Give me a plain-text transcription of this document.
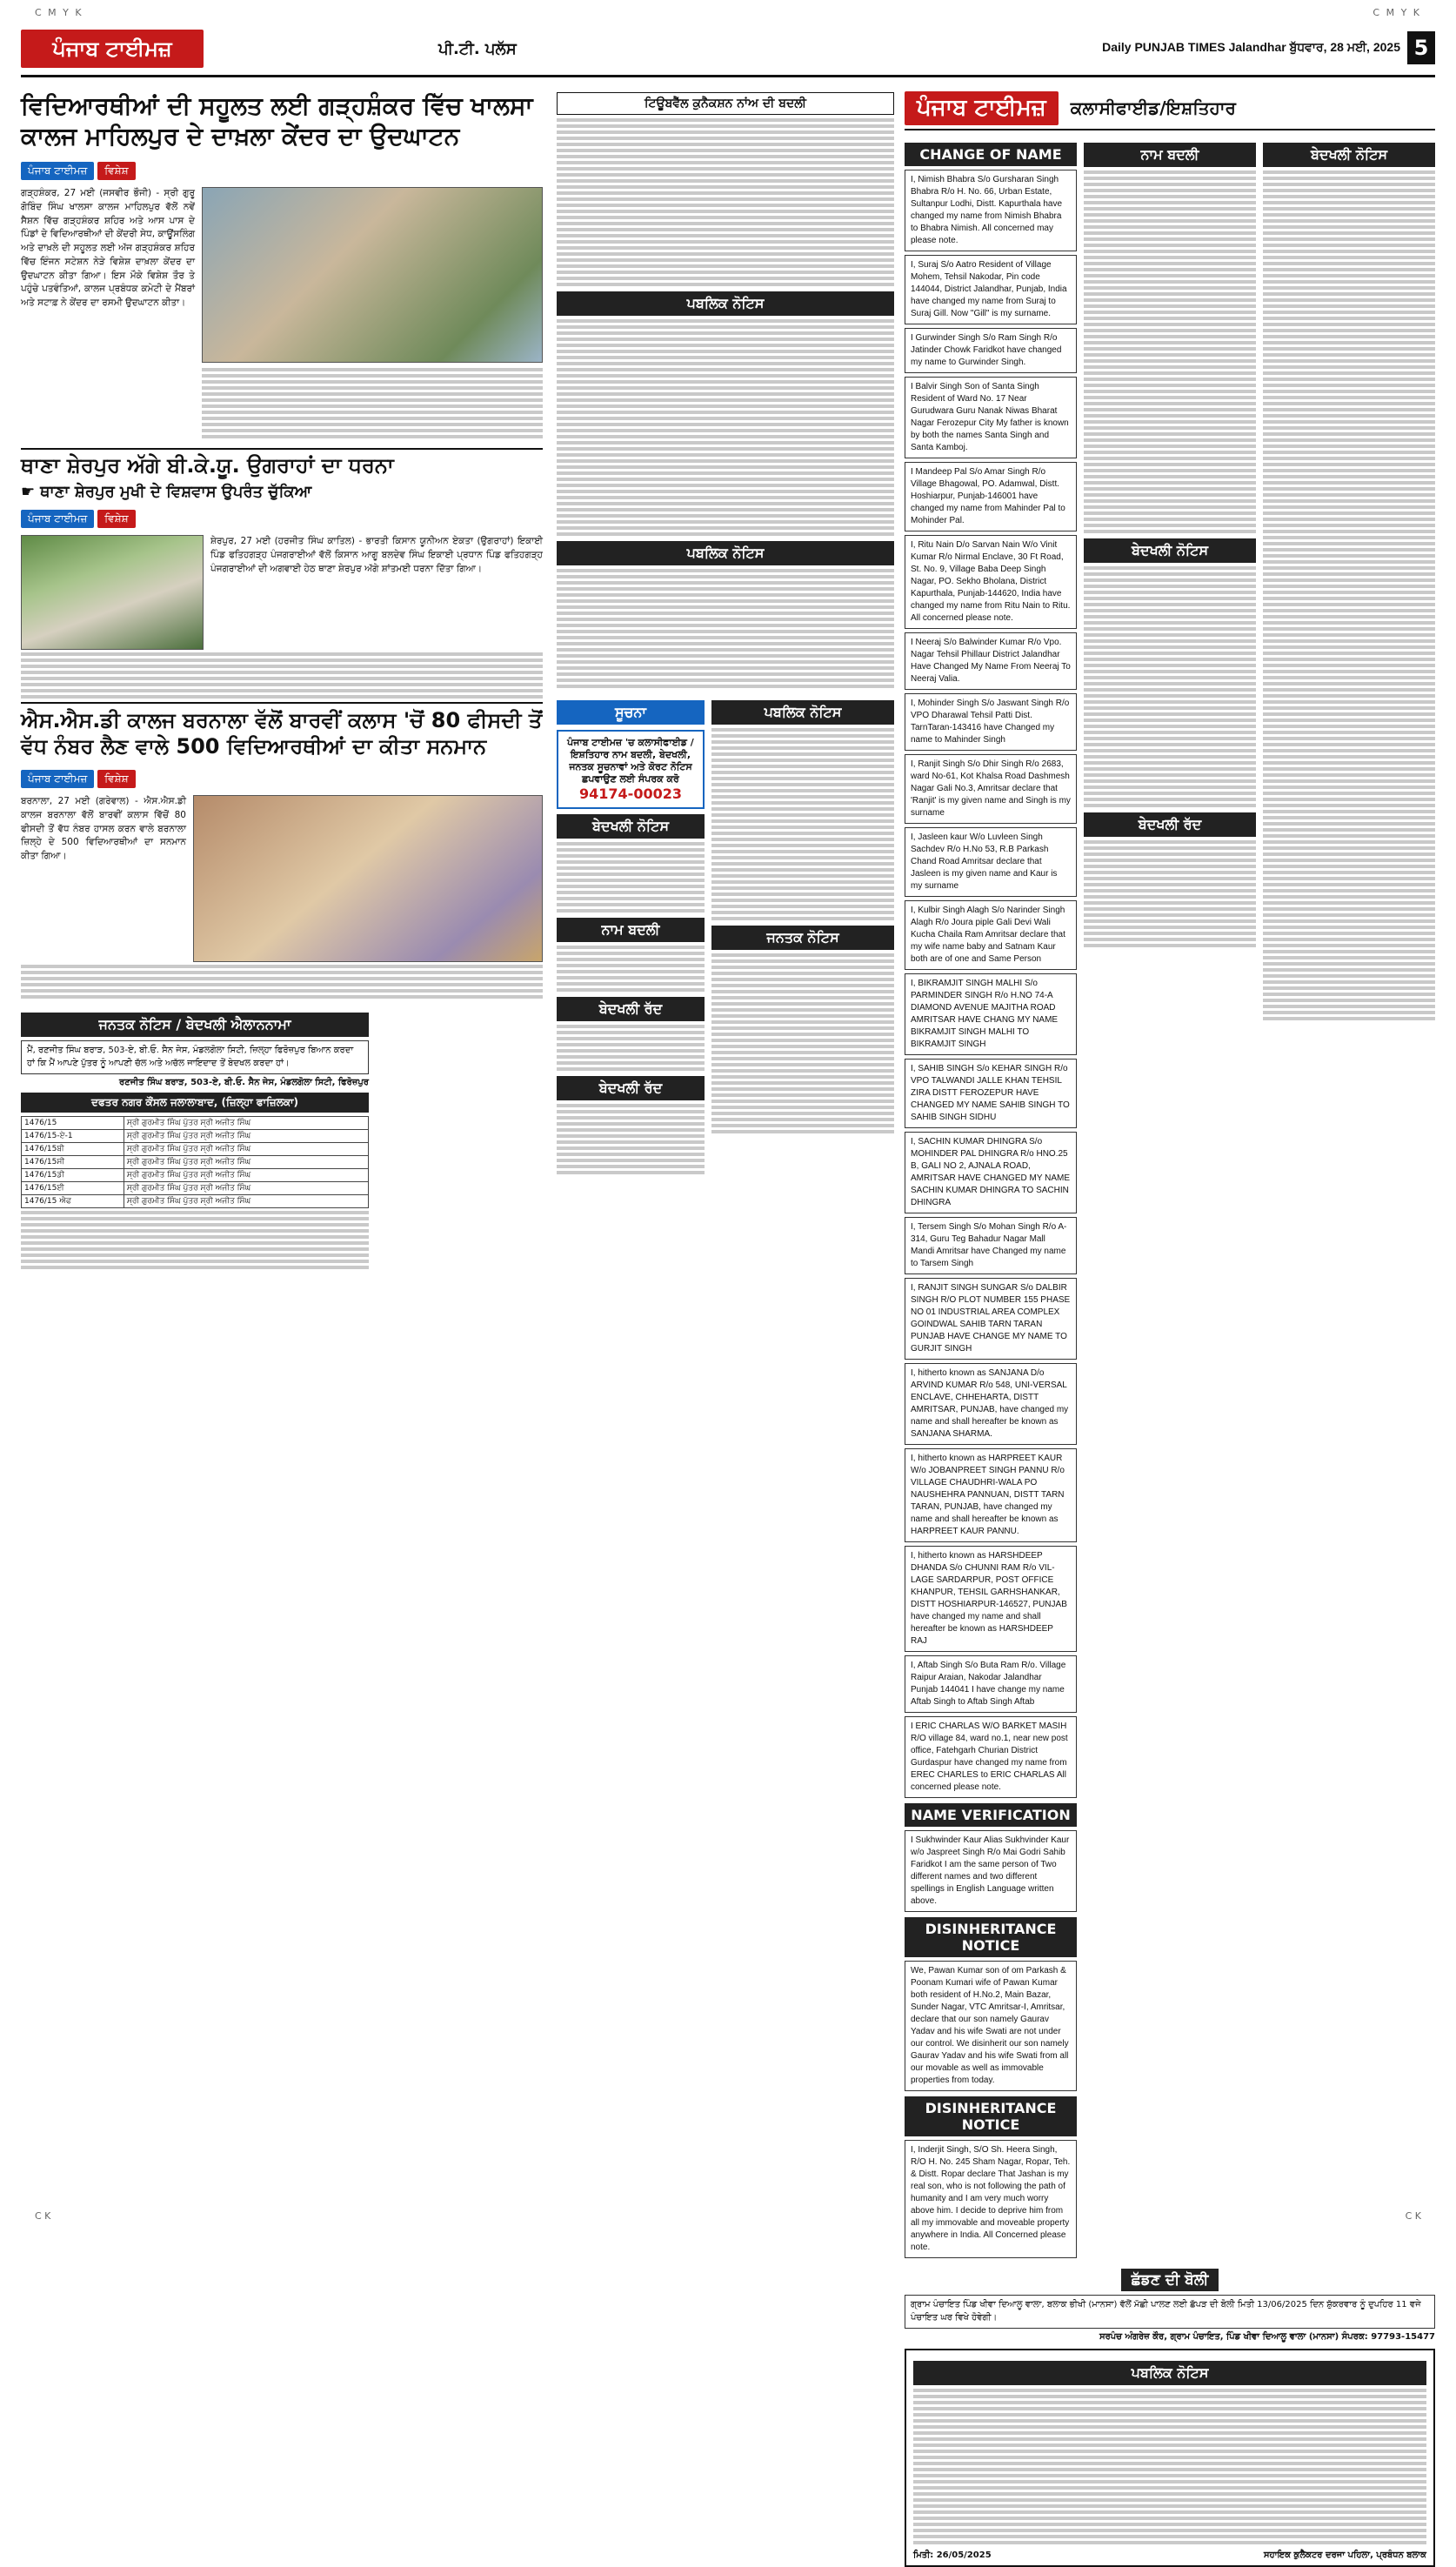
C M Y K	C M Y K
ਪੰਜਾਬ ਟਾਈਮਜ਼	ਪੀ.ਟੀ. ਪਲੱਸ	Daily PUNJAB TIMES Jalandhar ਬੁੱਧਵਾਰ, 28 ਮਈ, 2025 5
ਵਿਦਿਆਰਥੀਆਂ ਦੀ ਸਹੂਲਤ ਲਈ ਗੜ੍ਹਸ਼ੰਕਰ ਵਿੱਚ ਖਾਲਸਾ ਕਾਲਜ ਮਾਹਿਲਪੁਰ ਦੇ ਦਾਖ਼ਲਾ ਕੇਂਦਰ ਦਾ ਉਦਘਾਟਨ
ਪੰਜਾਬ ਟਾਈਮਜ਼ ਵਿਸ਼ੇਸ਼
ਗੜ੍ਹਸ਼ੰਕਰ, 27 ਮਈ (ਜਸਵੀਰ ਭੌਜੀ) - ਸ੍ਰੀ ਗੁਰੂ ਗੋਬਿੰਦ ਸਿੰਘ ਖਾਲਸਾ ਕਾਲਜ ਮਾਹਿਲਪੁਰ ਵੱਲੋਂ ਨਵੇਂ ਸੈਸ਼ਨ ਵਿੱਚ ਗੜ੍ਹਸ਼ੰਕਰ ਸ਼ਹਿਰ ਅਤੇ ਆਸ ਪਾਸ ਦੇ ਪਿੰਡਾਂ ਦੇ ਵਿਦਿਆਰਥੀਆਂ ਦੀ ਕੇਂਦਰੀ ਸੇਧ, ਕਾਊਂਸਲਿੰਗ ਅਤੇ ਦਾਖ਼ਲੇ ਦੀ ਸਹੂਲਤ ਲਈ ਅੱਜ ਗੜ੍ਹਸ਼ੰਕਰ ਸ਼ਹਿਰ ਵਿੱਚ ਇੰਜਨ ਸਟੇਸ਼ਨ ਨੇੜੇ ਵਿਸ਼ੇਸ਼ ਦਾਖ਼ਲਾ ਕੇਂਦਰ ਦਾ ਉਦਘਾਟਨ ਕੀਤਾ ਗਿਆ। ਇਸ ਮੌਕੇ ਵਿਸ਼ੇਸ਼ ਤੌਰ ਤੇ ਪਹੁੰਚੇ ਪਤਵੰਤਿਆਂ, ਕਾਲਜ ਪ੍ਰਬੰਧਕ ਕਮੇਟੀ ਦੇ ਮੈਂਬਰਾਂ ਅਤੇ ਸਟਾਫ਼ ਨੇ ਕੇਂਦਰ ਦਾ ਰਸਮੀ ਉਦਘਾਟਨ ਕੀਤਾ।
ਥਾਣਾ ਸ਼ੇਰਪੁਰ ਅੱਗੇ ਬੀ.ਕੇ.ਯੂ. ਉਗਰਾਹਾਂ ਦਾ ਧਰਨਾ
☛ ਥਾਣਾ ਸ਼ੇਰਪੁਰ ਮੁਖੀ ਦੇ ਵਿਸ਼ਵਾਸ ਉਪਰੰਤ ਚੁੱਕਿਆ
ਪੰਜਾਬ ਟਾਈਮਜ਼ ਵਿਸ਼ੇਸ਼
ਸ਼ੇਰਪੁਰ, 27 ਮਈ (ਹਰਜੀਤ ਸਿੰਘ ਕਾਤਿਲ) - ਭਾਰਤੀ ਕਿਸਾਨ ਯੂਨੀਅਨ ਏਕਤਾ (ਉਗਰਾਹਾਂ) ਇਕਾਈ ਪਿੰਡ ਫਤਿਹਗੜ੍ਹ ਪੰਜਗਰਾਈਆਂ ਵੱਲੋਂ ਕਿਸਾਨ ਆਗੂ ਬਲਦੇਵ ਸਿੰਘ ਇਕਾਈ ਪ੍ਰਧਾਨ ਪਿੰਡ ਫਤਿਹਗੜ੍ਹ ਪੰਜਗਰਾਈਆਂ ਦੀ ਅਗਵਾਈ ਹੇਠ ਥਾਣਾ ਸ਼ੇਰਪੁਰ ਅੱਗੇ ਸ਼ਾਂਤਮਈ ਧਰਨਾ ਦਿੱਤਾ ਗਿਆ।
ਐਸ.ਐਸ.ਡੀ ਕਾਲਜ ਬਰਨਾਲਾ ਵੱਲੋਂ ਬਾਰਵੀਂ ਕਲਾਸ 'ਚੋਂ 80 ਫੀਸਦੀ ਤੋਂ ਵੱਧ ਨੰਬਰ ਲੈਣ ਵਾਲੇ 500 ਵਿਦਿਆਰਥੀਆਂ ਦਾ ਕੀਤਾ ਸਨਮਾਨ
ਪੰਜਾਬ ਟਾਈਮਜ਼ ਵਿਸ਼ੇਸ਼
ਬਰਨਾਲਾ, 27 ਮਈ (ਗਰੇਵਾਲ) - ਐਸ.ਐਸ.ਡੀ ਕਾਲਜ ਬਰਨਾਲਾ ਵੱਲੋਂ ਬਾਰਵੀਂ ਕਲਾਸ ਵਿੱਚੋਂ 80 ਫੀਸਦੀ ਤੋਂ ਵੱਧ ਨੰਬਰ ਹਾਸਲ ਕਰਨ ਵਾਲੇ ਬਰਨਾਲਾ ਜ਼ਿਲ੍ਹੇ ਦੇ 500 ਵਿਦਿਆਰਥੀਆਂ ਦਾ ਸਨਮਾਨ ਕੀਤਾ ਗਿਆ।
ਜਨਤਕ ਨੋਟਿਸ / ਬੇਦਖਲੀ ਐਲਾਨਨਾਮਾ
ਮੈਂ, ਰਣਜੀਤ ਸਿੰਘ ਬਰਾੜ, 503-ਏ, ਬੀ.ਓ. ਸੈਨ ਜੇਸ, ਮੰਡਲਗੋਲਾ ਸਿਟੀ, ਜ਼ਿਲ੍ਹਾ ਫਿਰੋਜ਼ਪੁਰ ਬਿਆਨ ਕਰਦਾ ਹਾਂ ਕਿ ਮੈਂ ਆਪਣੇ ਪੁੱਤਰ ਨੂੰ ਆਪਣੀ ਚੱਲ ਅਤੇ ਅਚੱਲ ਜਾਇਦਾਦ ਤੋਂ ਬੇਦਖਲ ਕਰਦਾ ਹਾਂ।
ਰਣਜੀਤ ਸਿੰਘ ਬਰਾੜ, 503-ਏ, ਬੀ.ਓ. ਸੈਨ ਜੇਸ, ਮੰਡਲਗੋਲਾ ਸਿਟੀ, ਫਿਰੋਜ਼ਪੁਰ
ਦਫਤਰ ਨਗਰ ਕੌਂਸਲ ਜਲਾਲਾਬਾਦ, (ਜ਼ਿਲ੍ਹਾ ਫਾਜ਼ਿਲਕਾ)
1476/15	ਸ੍ਰੀ ਗੁਰਮੀਤ ਸਿੰਘ ਪੁੱਤਰ ਸ੍ਰੀ ਅਜੀਤ ਸਿੰਘ
1476/15-ਏ-1	ਸ੍ਰੀ ਗੁਰਮੀਤ ਸਿੰਘ ਪੁੱਤਰ ਸ੍ਰੀ ਅਜੀਤ ਸਿੰਘ
1476/15ਬੀ	ਸ੍ਰੀ ਗੁਰਮੀਤ ਸਿੰਘ ਪੁੱਤਰ ਸ੍ਰੀ ਅਜੀਤ ਸਿੰਘ
1476/15ਸੀ	ਸ੍ਰੀ ਗੁਰਮੀਤ ਸਿੰਘ ਪੁੱਤਰ ਸ੍ਰੀ ਅਜੀਤ ਸਿੰਘ
1476/15ਡੀ	ਸ੍ਰੀ ਗੁਰਮੀਤ ਸਿੰਘ ਪੁੱਤਰ ਸ੍ਰੀ ਅਜੀਤ ਸਿੰਘ
1476/15ਈ	ਸ੍ਰੀ ਗੁਰਮੀਤ ਸਿੰਘ ਪੁੱਤਰ ਸ੍ਰੀ ਅਜੀਤ ਸਿੰਘ
1476/15 ਐਫ	ਸ੍ਰੀ ਗੁਰਮੀਤ ਸਿੰਘ ਪੁੱਤਰ ਸ੍ਰੀ ਅਜੀਤ ਸਿੰਘ
ਟਿਊਬਵੈੱਲ ਕੁਨੈਕਸ਼ਨ ਨਾਂਅ ਦੀ ਬਦਲੀ
ਪਬਲਿਕ ਨੋਟਿਸ
ਪਬਲਿਕ ਨੋਟਿਸ
ਸੂਚਨਾ
ਪੰਜਾਬ ਟਾਈਮਜ਼ 'ਚ ਕਲਾਸੀਫਾਈਡ / ਇਸ਼ਤਿਹਾਰ ਨਾਮ ਬਦਲੀ, ਬੇਦਖਲੀ, ਜਨਤਕ ਸੂਚਨਾਵਾਂ ਅਤੇ ਕੋਰਟ ਨੋਟਿਸ ਛਪਵਾਉਣ ਲਈ ਸੰਪਰਕ ਕਰੋ
94174-00023
ਬੇਦਖਲੀ ਨੋਟਿਸ
ਨਾਮ ਬਦਲੀ
ਬੇਦਖਲੀ ਰੱਦ
ਬੇਦਖਲੀ ਰੱਦ
ਪਬਲਿਕ ਨੋਟਿਸ
ਜਨਤਕ ਨੋਟਿਸ
ਪੰਜਾਬ ਟਾਈਮਜ਼	ਕਲਾਸੀਫਾਈਡ/ਇਸ਼ਤਿਹਾਰ
CHANGE OF NAME
I, Nimish Bhabra S/o Gursharan Singh Bhabra R/o H. No. 66, Urban Estate, Sultanpur Lodhi, Distt. Kapurthala have changed my name from Nimish Bhabra to Bhabra Nimish. All concerned may please note.
I, Suraj S/o Aatro Resident of Village Mohem, Tehsil Nakodar, Pin code 144044, District Jalandhar, Punjab, India have changed my name from Suraj to Suraj Gill. Now "Gill" is my surname.
I Gurwinder Singh S/o Ram Singh R/o Jatinder Chowk Faridkot have changed my name to Gurwinder Singh.
I Balvir Singh Son of Santa Singh Resident of Ward No. 17 Near Gurudwara Guru Nanak Niwas Bharat Nagar Ferozepur City My father is known by both the names Santa Singh and Santa Kamboj.
I Mandeep Pal S/o Amar Singh R/o Village Bhagowal, PO. Adamwal, Distt. Hoshiarpur, Punjab-146001 have changed my name from Mahinder Pal to Mohinder Pal.
I, Ritu Nain D/o Sarvan Nain W/o Vinit Kumar R/o Nirmal Enclave, 30 Ft Road, St. No. 9, Village Baba Deep Singh Nagar, PO. Sekho Bholana, District Kapurthala, Punjab-144620, India have changed my name from Ritu Nain to Ritu. All concerned please note.
I Neeraj S/o Balwinder Kumar R/o Vpo. Nagar Tehsil Phillaur District Jalandhar Have Changed My Name From Neeraj To Neeraj Valia.
I, Mohinder Singh S/o Jaswant Singh R/o VPO Dharawal Tehsil Patti Dist. TarnTaran-143416 have Changed my name to Mahinder Singh
I, Ranjit Singh S/o Dhir Singh R/o 2683, ward No-61, Kot Khalsa Road Dashmesh Nagar Gali No.3, Amritsar declare that 'Ranjit' is my given name and Singh is my surname
I, Jasleen kaur W/o Luvleen Singh Sachdev R/o H.No 53, R.B Parkash Chand Road Amritsar declare that Jasleen is my given name and Kaur is my surname
I, Kulbir Singh Alagh S/o Narinder Singh Alagh R/o Joura piple Gali Devi Wali Kucha Chaila Ram Amritsar declare that my wife name baby and Satnam Kaur both are of one and Same Person
I, BIKRAMJIT SINGH MALHI S/o PARMINDER SINGH R/o H.NO 74-A DIAMOND AVENUE MAJITHA ROAD AMRITSAR HAVE CHANG MY NAME BIKRAMJIT SINGH MALHI TO BIKRAMJIT SINGH
I, SAHIB SINGH S/o KEHAR SINGH R/o VPO TALWANDI JALLE KHAN TEHSIL ZIRA DISTT FEROZEPUR HAVE CHANGED MY NAME SAHIB SINGH TO SAHIB SINGH SIDHU
I, SACHIN KUMAR DHINGRA S/o MOHINDER PAL DHINGRA R/o HNO.25 B, GALI NO 2, AJNALA ROAD, AMRITSAR HAVE CHANGED MY NAME SACHIN KUMAR DHINGRA TO SACHIN DHINGRA
I, Tersem Singh S/o Mohan Singh R/o A-314, Guru Teg Bahadur Nagar Mall Mandi Amritsar have Changed my name to Tarsem Singh
I, RANJIT SINGH SUNGAR S/o DALBIR SINGH R/O PLOT NUMBER 155 PHASE NO 01 INDUSTRIAL AREA COMPLEX GOINDWAL SAHIB TARN TARAN PUNJAB HAVE CHANGE MY NAME TO GURJIT SINGH
I, hitherto known as SANJANA D/o ARVIND KUMAR R/o 548, UNI-VERSAL ENCLAVE, CHHEHARTA, DISTT AMRITSAR, PUNJAB, have changed my name and shall hereafter be known as SANJANA SHARMA.
I, hitherto known as HARPREET KAUR W/o JOBANPREET SINGH PANNU R/o VILLAGE CHAUDHRI-WALA PO NAUSHEHRA PANNUAN, DISTT TARN TARAN, PUNJAB, have changed my name and shall hereafter be known as HARPREET KAUR PANNU.
I, hitherto known as HARSHDEEP DHANDA S/o CHUNNI RAM R/o VIL-LAGE SARDARPUR, POST OFFICE KHANPUR, TEHSIL GARHSHANKAR, DISTT HOSHIARPUR-146527, PUNJAB have changed my name and shall hereafter be known as HARSHDEEP RAJ
I, Aftab Singh S/o Buta Ram R/o. Village Raipur Araian, Nakodar Jalandhar Punjab 144041 I have change my name Aftab Singh to Aftab Singh Aftab
I ERIC CHARLAS W/O BARKET MASIH R/O village 84, ward no.1, near new post office, Fatehgarh Churian District Gurdaspur have changed my name from EREC CHARLES to ERIC CHARLAS All concerned please note.
NAME VERIFICATION
I Sukhwinder Kaur Alias Sukhvinder Kaur w/o Jaspreet Singh R/o Mai Godri Sahib Faridkot I am the same person of Two different names and two different spellings in English Language written above.
DISINHERITANCE NOTICE
We, Pawan Kumar son of om Parkash & Poonam Kumari wife of Pawan Kumar both resident of H.No.2, Main Bazar, Sunder Nagar, VTC Amritsar-I, Amritsar, declare that our son namely Gaurav Yadav and his wife Swati are not under our control. We disinherit our son namely Gaurav Yadav and his wife Swati from all our movable as well as immovable properties from today.
DISINHERITANCE NOTICE
I, Inderjit Singh, S/O Sh. Heera Singh, R/O H. No. 245 Sham Nagar, Ropar, Teh. & Distt. Ropar declare That Jashan is my real son, who is not following the path of humanity and I am very much worry above him. I decide to deprive him from all my immovable and moveable property anywhere in India. All Concerned please note.
ਨਾਮ ਬਦਲੀ
ਬੇਦਖਲੀ ਨੋਟਿਸ
ਬੇਦਖਲੀ ਰੱਦ
ਬੇਦਖਲੀ ਨੋਟਿਸ
ਛੱਡਣ ਦੀ ਬੋਲੀ
ਗ੍ਰਾਮ ਪੰਚਾਇਤ ਪਿੰਡ ਖੀਵਾ ਦਿਆਲੂ ਵਾਲਾ, ਬਲਾਕ ਭੀਖੀ (ਮਾਨਸਾ) ਵੱਲੋਂ ਮੱਛੀ ਪਾਲਣ ਲਈ ਛੱਪੜ ਦੀ ਬੋਲੀ ਮਿਤੀ 13/06/2025 ਦਿਨ ਸ਼ੁੱਕਰਵਾਰ ਨੂੰ ਦੁਪਹਿਰ 11 ਵਜੇ ਪੰਚਾਇਤ ਘਰ ਵਿਖੇ ਹੋਵੇਗੀ।
ਸਰਪੰਚ ਅੰਗਰੇਜ਼ ਕੌਰ, ਗ੍ਰਾਮ ਪੰਚਾਇਤ, ਪਿੰਡ ਖੀਵਾ ਦਿਆਲੂ ਵਾਲਾ (ਮਾਨਸਾ) ਸੰਪਰਕ: 97793-15477
ਪਬਲਿਕ ਨੋਟਿਸ
ਮਿਤੀ: 26/05/2025	ਸਹਾਇਕ ਕੁਲੈਕਟਰ ਦਰਜਾ ਪਹਿਲਾ, ਪ੍ਰਬੰਧਨ ਬਲਾਕ
C K	C K
